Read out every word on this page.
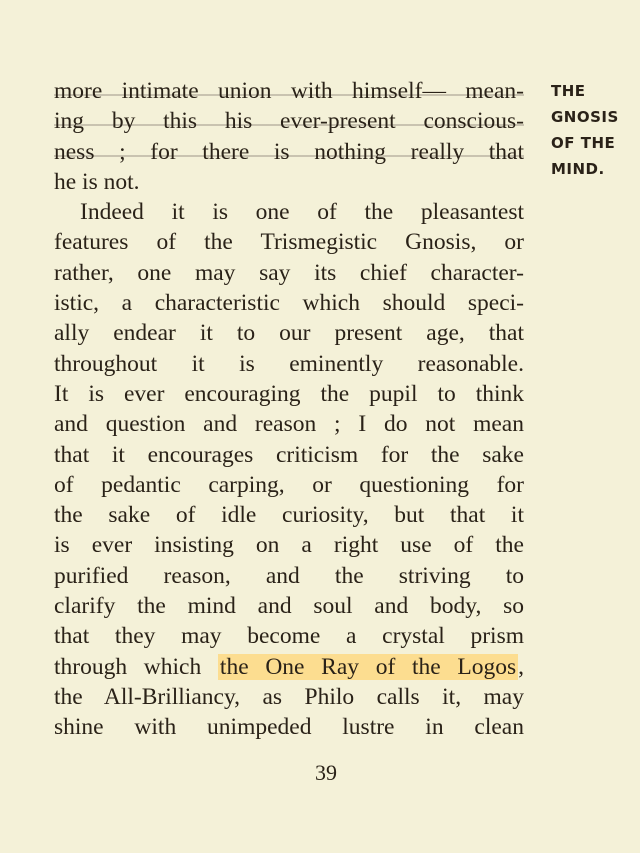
more intimate union with himself— mean-
ing by this his ever-present conscious-
ness ; for there is nothing really that
he is not.
Indeed it is one of the pleasantest
features of the Trismegistic Gnosis, or
rather, one may say its chief character-
istic, a characteristic which should speci-
ally endear it to our present age, that
throughout it is eminently reasonable.
It is ever encouraging the pupil to think
and question and reason ; I do not mean
that it encourages criticism for the sake
of pedantic carping, or questioning for
the sake of idle curiosity, but that it
is ever insisting on a right use of the
purified reason, and the striving to
clarify the mind and soul and body, so
that they may become a crystal prism
through which the One Ray of the Logos,
the All-Brilliancy, as Philo calls it, may
shine with unimpeded lustre in clean
THE
GNOSIS
OF THE
MIND.
39
